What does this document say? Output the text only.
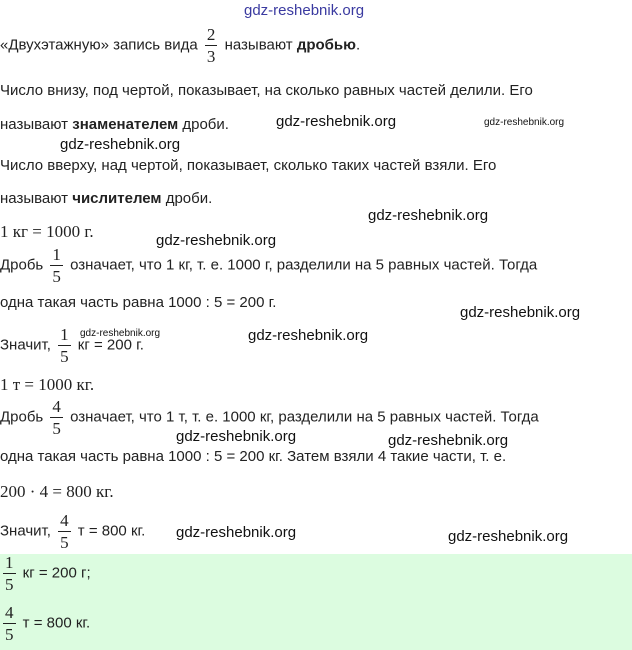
gdz-reshebnik.org
gdz-reshebnik.org	gdz-reshebnik.org
gdz-reshebnik.org
gdz-reshebnik.org
gdz-reshebnik.org
gdz-reshebnik.org
gdz-reshebnik.org	gdz-reshebnik.org
gdz-reshebnik.org	gdz-reshebnik.org
gdz-reshebnik.org	gdz-reshebnik.org
«Двухэтажную» запись вида $\frac{2}{3}$ называют дробью.
Число внизу, под чертой, показывает, на сколько равных частей делили. Его
называют знаменателем дроби.
Число вверху, над чертой, показывает, сколько таких частей взяли. Его
называют числителем дроби.
1 кг = 1000 г.
Дробь $\frac{1}{5}$ означает, что 1 кг, т. е. 1000 г, разделили на 5 равных частей. Тогда
одна такая часть равна 1000 : 5 = 200 г.
Значит, $\frac{1}{5}$ кг = 200 г.
1 т = 1000 кг.
Дробь $\frac{4}{5}$ означает, что 1 т, т. е. 1000 кг, разделили на 5 равных частей. Тогда
одна такая часть равна 1000 : 5 = 200 кг. Затем взяли 4 такие части, т. е.
200 · 4 = 800 кг.
Значит, $\frac{4}{5}$ т = 800 кг.
$\frac{1}{5}$ кг = 200 г;
$\frac{4}{5}$ т = 800 кг.
